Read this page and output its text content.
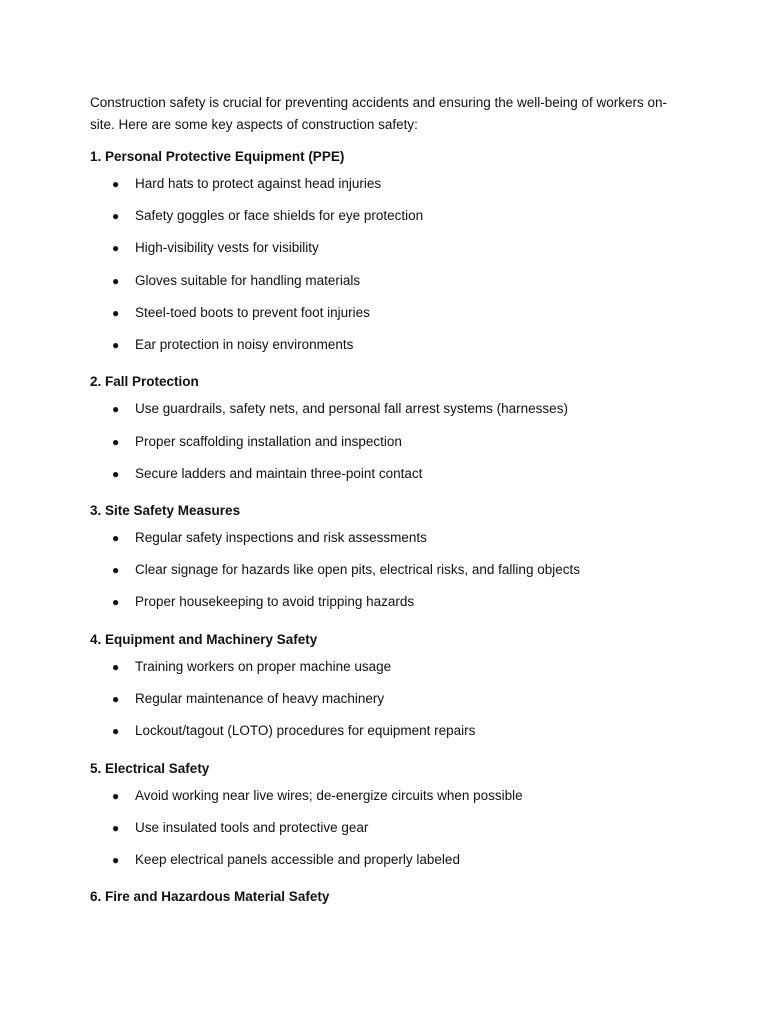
Construction safety is crucial for preventing accidents and ensuring the well-being of workers on-site. Here are some key aspects of construction safety:

1. Personal Protective Equipment (PPE)

● Hard hats to protect against head injuries
● Safety goggles or face shields for eye protection
● High-visibility vests for visibility
● Gloves suitable for handling materials
● Steel-toed boots to prevent foot injuries
● Ear protection in noisy environments

2. Fall Protection

● Use guardrails, safety nets, and personal fall arrest systems (harnesses)
● Proper scaffolding installation and inspection
● Secure ladders and maintain three-point contact

3. Site Safety Measures

● Regular safety inspections and risk assessments
● Clear signage for hazards like open pits, electrical risks, and falling objects
● Proper housekeeping to avoid tripping hazards

4. Equipment and Machinery Safety

● Training workers on proper machine usage
● Regular maintenance of heavy machinery
● Lockout/tagout (LOTO) procedures for equipment repairs

5. Electrical Safety

● Avoid working near live wires; de-energize circuits when possible
● Use insulated tools and protective gear
● Keep electrical panels accessible and properly labeled

6. Fire and Hazardous Material Safety
